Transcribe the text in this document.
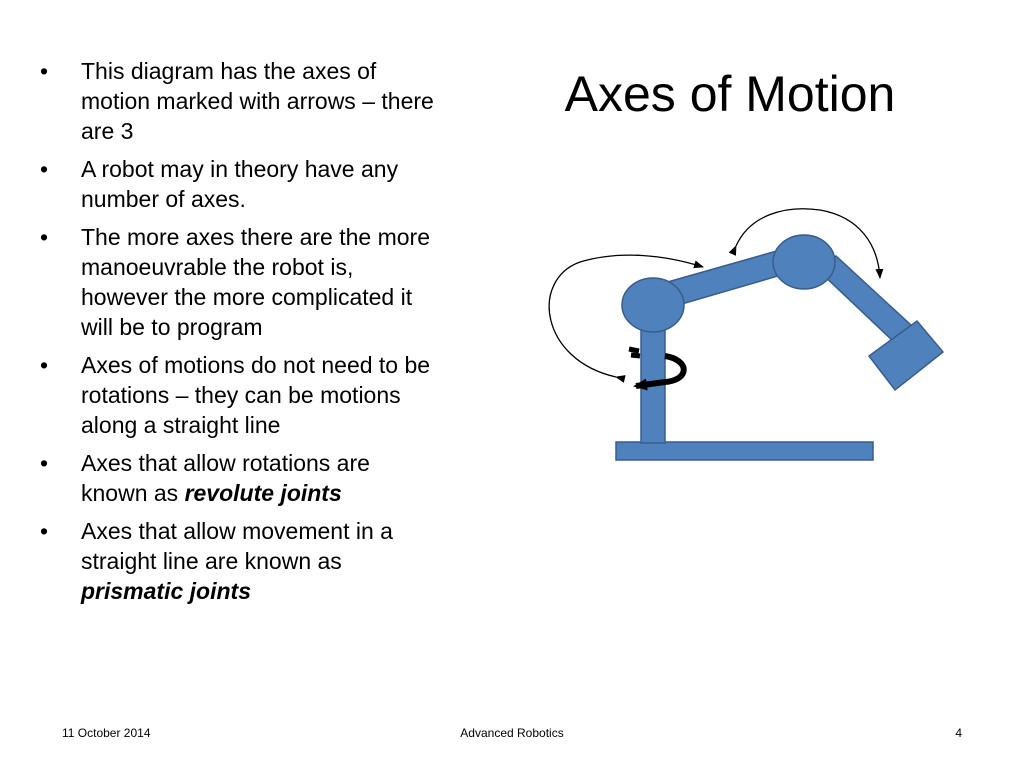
•	This diagram has the axes of motion marked with arrows – there are 3
•	A robot may in theory have any number of axes.
•	The more axes there are the more manoeuvrable the robot is, however the more complicated it will be to program
•	Axes of motions do not need to be rotations – they can be motions along a straight line
•	Axes that allow rotations are known as revolute joints
•	Axes that allow movement in a straight line are known as prismatic joints
Axes of Motion
11 October 2014	Advanced Robotics	4
